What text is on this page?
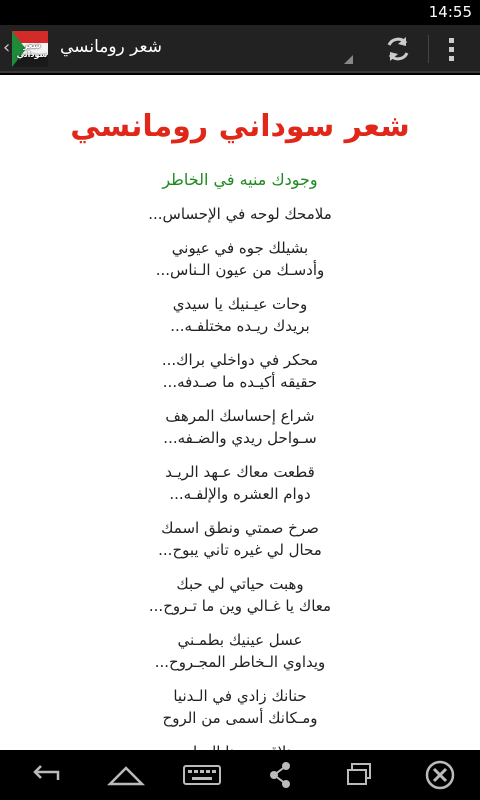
14:55
‹	شعر سوداني شعر رومانسي
شعر سوداني رومانسي
وجودك منيه في الخاطر
ملامحك لوحه في الإحساس...
بشيلك جوه في عيوني
وأدسـك من عيون الـناس...
وحات عيـنيك يا سيدي
بريدك ريـده مختلفـه...
محكر في دواخلي براك...
حقيقه أكيـده ما صـدفه...
شراع إحساسك المرهف
سـواحل ريدي والضـفه...
قطعت معاك عـهد الريـد
دوام العشره والإلفـه...
صرخ صمتي ونطق اسمك
محال لي غيره تاني يبوح...
وهبت حياتي لي حبك
معاك يا غـالي وين ما تـروح...
عسل عينيك بطمـني
ويداوي الـخاطر المجـروح...
حنانك زادي في الـدنيا
ومـكانك أسمى من الروح
